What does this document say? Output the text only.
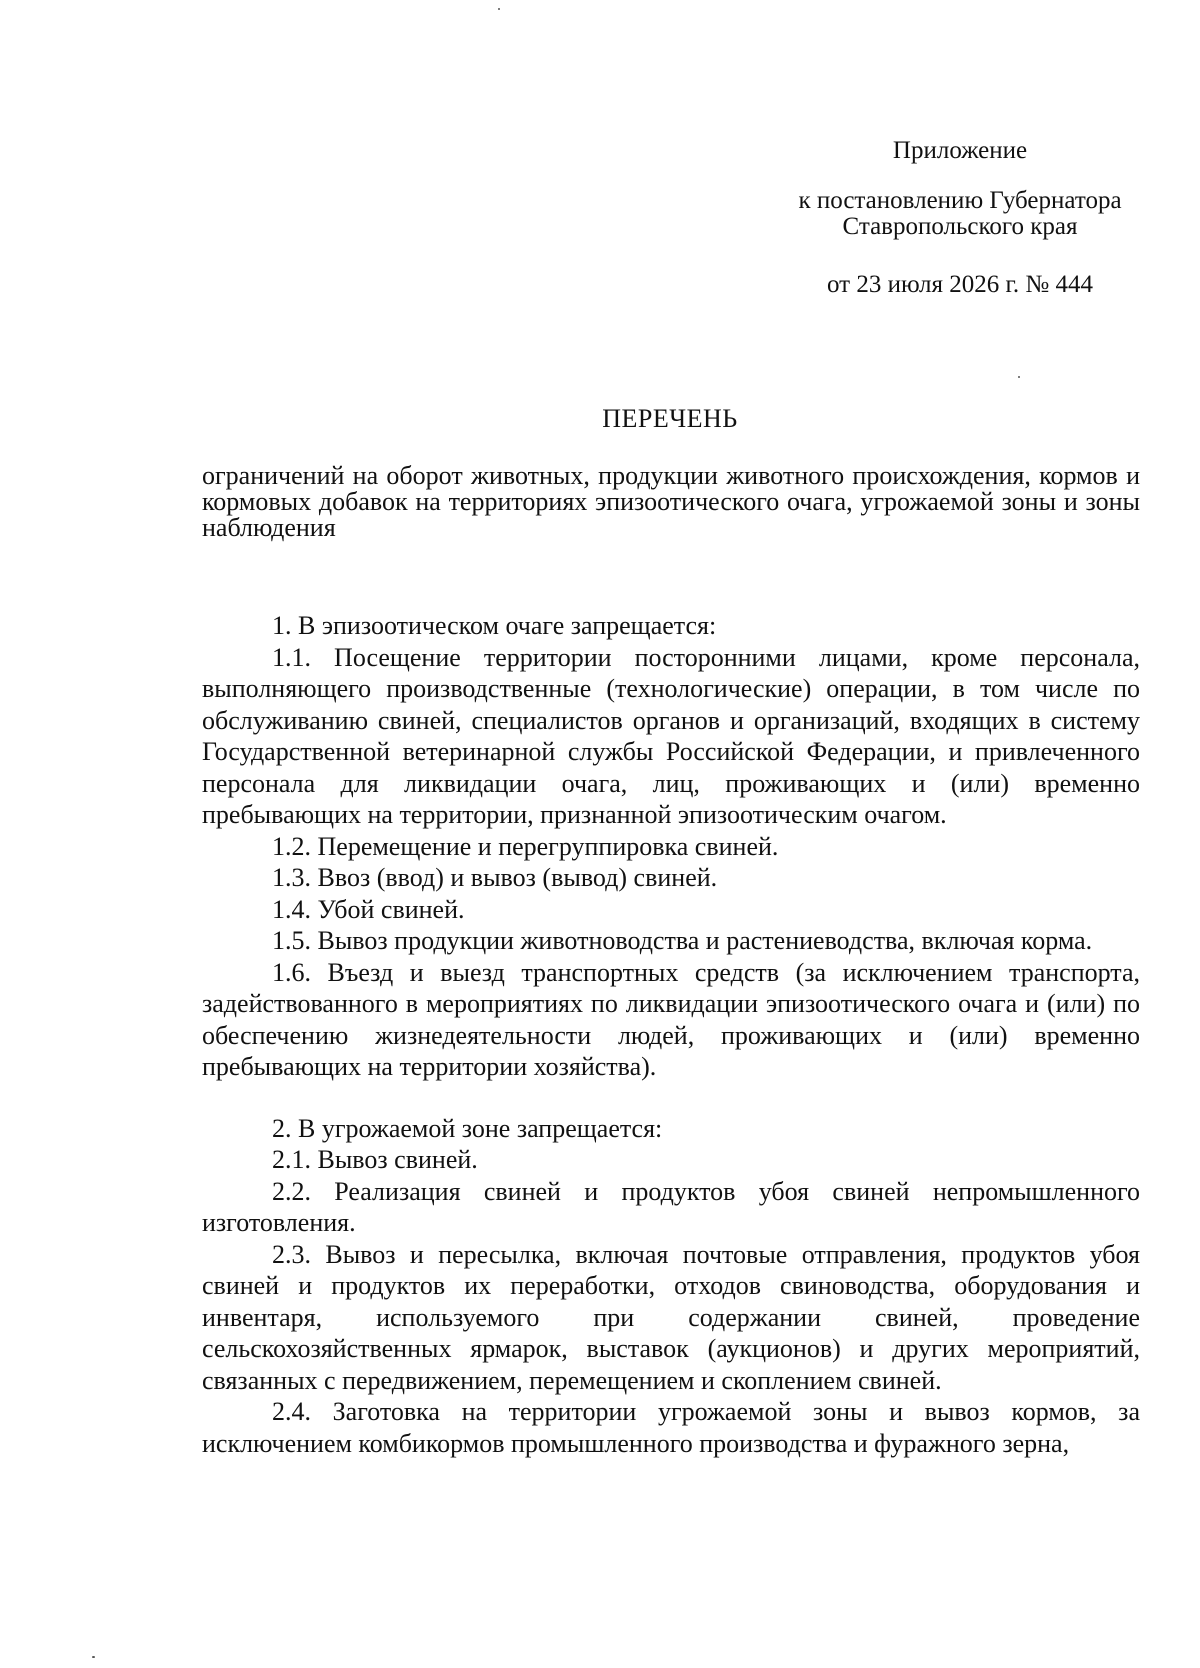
Приложение
к постановлению Губернатора
Ставропольского края
от 23 июля 2026 г. № 444
ПЕРЕЧЕНЬ
ограничений на оборот животных, продукции животного происхождения, кормов и кормовых добавок на территориях эпизоотического очага, угрожаемой зоны и зоны наблюдения

1. В эпизоотическом очаге запрещается:

1.1. Посещение территории посторонними лицами, кроме персонала, выполняющего производственные (технологические) операции, в том числе по обслуживанию свиней, специалистов органов и организаций, входящих в систему Государственной ветеринарной службы Российской Федерации, и привлеченного персонала для ликвидации очага, лиц, проживающих и (или) временно пребывающих на территории, признанной эпизоотическим очагом.

1.2. Перемещение и перегруппировка свиней.

1.3. Ввоз (ввод) и вывоз (вывод) свиней.

1.4. Убой свиней.

1.5. Вывоз продукции животноводства и растениеводства, включая корма.

1.6. Въезд и выезд транспортных средств (за исключением транспорта, задействованного в мероприятиях по ликвидации эпизоотического очага и (или) по обеспечению жизнедеятельности людей, проживающих и (или) временно пребывающих на территории хозяйства).

2. В угрожаемой зоне запрещается:

2.1. Вывоз свиней.

2.2. Реализация свиней и продуктов убоя свиней непромышленного изготовления.

2.3. Вывоз и пересылка, включая почтовые отправления, продуктов убоя свиней и продуктов их переработки, отходов свиноводства, оборудования и инвентаря, используемого при содержании свиней, проведение сельскохозяйственных ярмарок, выставок (аукционов) и других мероприятий, связанных с передвижением, перемещением и скоплением свиней.

2.4. Заготовка на территории угрожаемой зоны и вывоз кормов, за исключением комбикормов промышленного производства и фуражного зерна,
